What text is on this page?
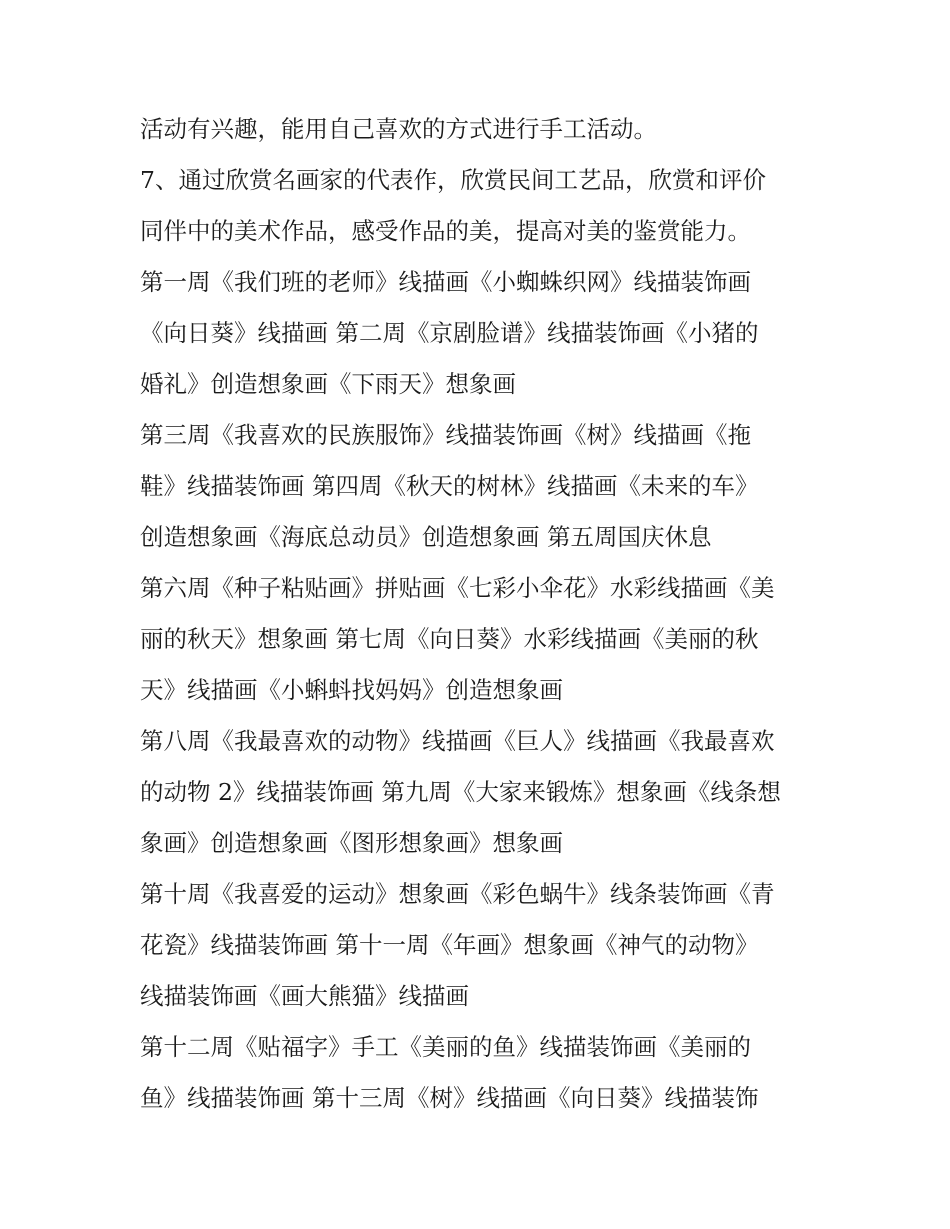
活动有兴趣，能用自己喜欢的方式进行手工活动。
7、通过欣赏名画家的代表作，欣赏民间工艺品，欣赏和评价
同伴中的美术作品，感受作品的美，提高对美的鉴赏能力。
第一周《我们班的老师》线描画《小蜘蛛织网》线描装饰画
《向日葵》线描画 第二周《京剧脸谱》线描装饰画《小猪的
婚礼》创造想象画《下雨天》想象画
第三周《我喜欢的民族服饰》线描装饰画《树》线描画《拖
鞋》线描装饰画 第四周《秋天的树林》线描画《未来的车》
创造想象画《海底总动员》创造想象画 第五周国庆休息
第六周《种子粘贴画》拼贴画《七彩小伞花》水彩线描画《美
丽的秋天》想象画 第七周《向日葵》水彩线描画《美丽的秋
天》线描画《小蝌蚪找妈妈》创造想象画
第八周《我最喜欢的动物》线描画《巨人》线描画《我最喜欢
的动物 2》线描装饰画 第九周《大家来锻炼》想象画《线条想
象画》创造想象画《图形想象画》想象画
第十周《我喜爱的运动》想象画《彩色蜗牛》线条装饰画《青
花瓷》线描装饰画 第十一周《年画》想象画《神气的动物》
线描装饰画《画大熊猫》线描画
第十二周《贴福字》手工《美丽的鱼》线描装饰画《美丽的
鱼》线描装饰画 第十三周《树》线描画《向日葵》线描装饰
